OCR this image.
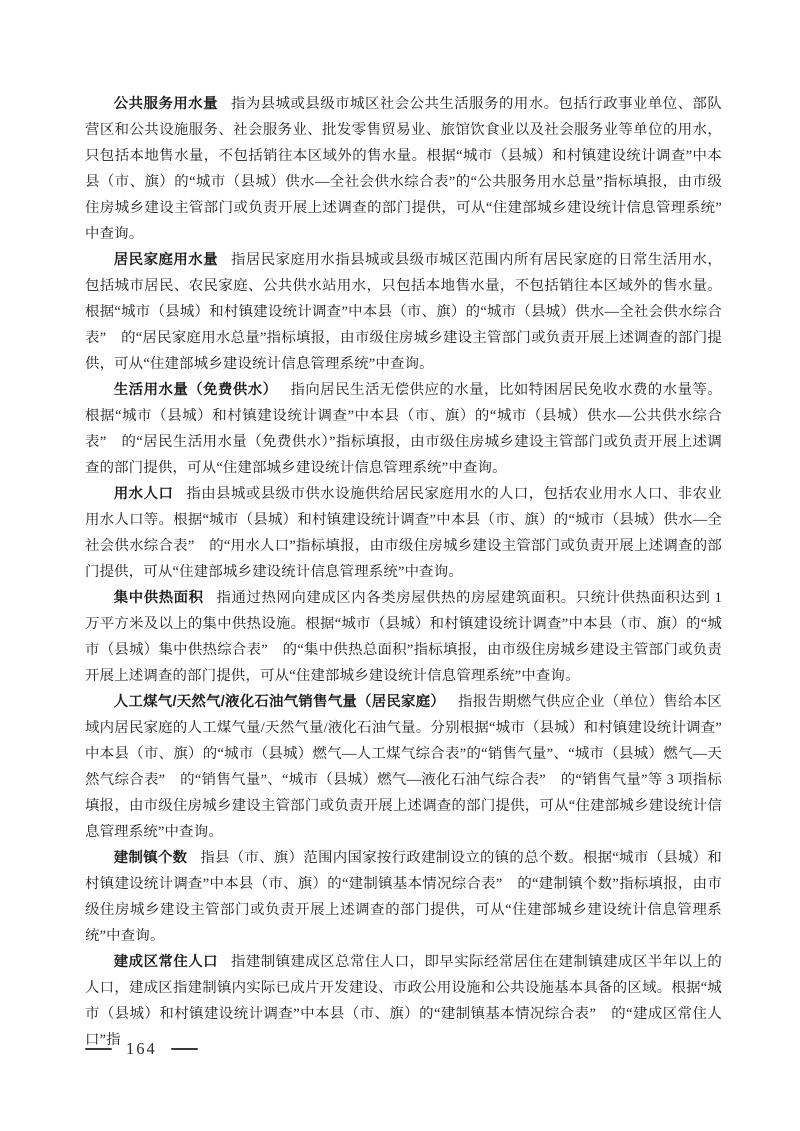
公共服务用水量 指为县城或县级市城区社会公共生活服务的用水。包括行政事业单位、部队营区和公共设施服务、社会服务业、批发零售贸易业、旅馆饮食业以及社会服务业等单位的用水，只包括本地售水量，不包括销往本区域外的售水量。根据“城市（县城）和村镇建设统计调查”中本县（市、旗）的“城市（县城）供水—全社会供水综合表”的“公共服务用水总量”指标填报，由市级住房城乡建设主管部门或负责开展上述调查的部门提供，可从“住建部城乡建设统计信息管理系统”中查询。

居民家庭用水量 指居民家庭用水指县城或县级市城区范围内所有居民家庭的日常生活用水，包括城市居民、农民家庭、公共供水站用水，只包括本地售水量，不包括销往本区域外的售水量。根据“城市（县城）和村镇建设统计调查”中本县（市、旗）的“城市（县城）供水—全社会供水综合表”　的“居民家庭用水总量”指标填报，由市级住房城乡建设主管部门或负责开展上述调查的部门提供，可从“住建部城乡建设统计信息管理系统”中查询。

生活用水量（免费供水） 指向居民生活无偿供应的水量，比如特困居民免收水费的水量等。根据“城市（县城）和村镇建设统计调查”中本县（市、旗）的“城市（县城）供水—公共供水综合表”　的“居民生活用水量（免费供水）”指标填报，由市级住房城乡建设主管部门或负责开展上述调查的部门提供，可从“住建部城乡建设统计信息管理系统”中查询。

用水人口 指由县城或县级市供水设施供给居民家庭用水的人口，包括农业用水人口、非农业用水人口等。根据“城市（县城）和村镇建设统计调查”中本县（市、旗）的“城市（县城）供水—全社会供水综合表”　的“用水人口”指标填报，由市级住房城乡建设主管部门或负责开展上述调查的部门提供，可从“住建部城乡建设统计信息管理系统”中查询。

集中供热面积 指通过热网向建成区内各类房屋供热的房屋建筑面积。只统计供热面积达到 1 万平方米及以上的集中供热设施。根据“城市（县城）和村镇建设统计调查”中本县（市、旗）的“城市（县城）集中供热综合表”　的“集中供热总面积”指标填报，由市级住房城乡建设主管部门或负责开展上述调查的部门提供，可从“住建部城乡建设统计信息管理系统”中查询。

人工煤气/天然气/液化石油气销售气量（居民家庭） 指报告期燃气供应企业（单位）售给本区域内居民家庭的人工煤气量/天然气量/液化石油气量。分别根据“城市（县城）和村镇建设统计调查”中本县（市、旗）的“城市（县城）燃气—人工煤气综合表”的“销售气量”、“城市（县城）燃气—天然气综合表”　的“销售气量”、“城市（县城）燃气—液化石油气综合表”　的“销售气量”等 3 项指标填报，由市级住房城乡建设主管部门或负责开展上述调查的部门提供，可从“住建部城乡建设统计信息管理系统”中查询。

建制镇个数 指县（市、旗）范围内国家按行政建制设立的镇的总个数。根据“城市（县城）和村镇建设统计调查”中本县（市、旗）的“建制镇基本情况综合表”　的“建制镇个数”指标填报，由市级住房城乡建设主管部门或负责开展上述调查的部门提供，可从“住建部城乡建设统计信息管理系统”中查询。

建成区常住人口 指建制镇建成区总常住人口，即早实际经常居住在建制镇建成区半年以上的人口，建成区指建制镇内实际已成片开发建设、市政公用设施和公共设施基本具备的区域。根据“城市（县城）和村镇建设统计调查”中本县（市、旗）的“建制镇基本情况综合表”　的“建成区常住人口”指 164
